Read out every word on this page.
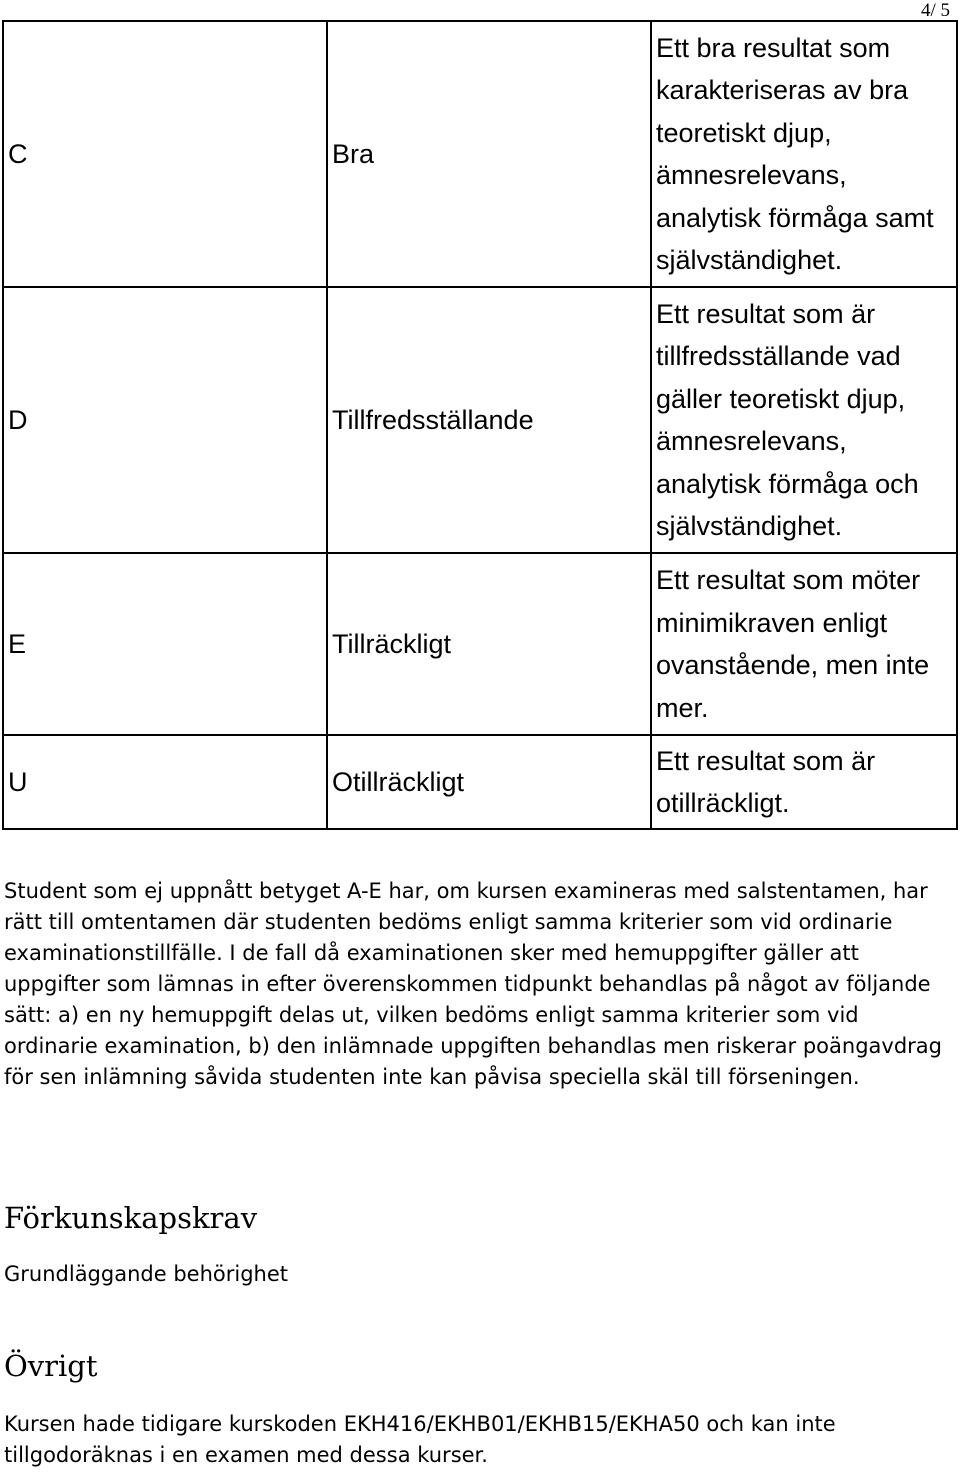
4/ 5
C	Bra	Ett bra resultat som karakteriseras av bra teoretiskt djup, ämnesrelevans, analytisk förmåga samt självständighet.
D	Tillfredsställande	Ett resultat som är tillfredsställande vad gäller teoretiskt djup, ämnesrelevans, analytisk förmåga och självständighet.
E	Tillräckligt	Ett resultat som möter minimikraven enligt ovanstående, men inte mer.
U	Otillräckligt	Ett resultat som är otillräckligt.

Student som ej uppnått betyget A-E har, om kursen examineras med salstentamen, har rätt till omtentamen där studenten bedöms enligt samma kriterier som vid ordinarie examinationstillfälle. I de fall då examinationen sker med hemuppgifter gäller att uppgifter som lämnas in efter överenskommen tidpunkt behandlas på något av följande sätt: a) en ny hemuppgift delas ut, vilken bedöms enligt samma kriterier som vid ordinarie examination, b) den inlämnade uppgiften behandlas men riskerar poängavdrag för sen inlämning såvida studenten inte kan påvisa speciella skäl till förseningen.

Förkunskapskrav

Grundläggande behörighet

Övrigt

Kursen hade tidigare kurskoden EKH416/EKHB01/EKHB15/EKHA50 och kan inte tillgodoräknas i en examen med dessa kurser.
